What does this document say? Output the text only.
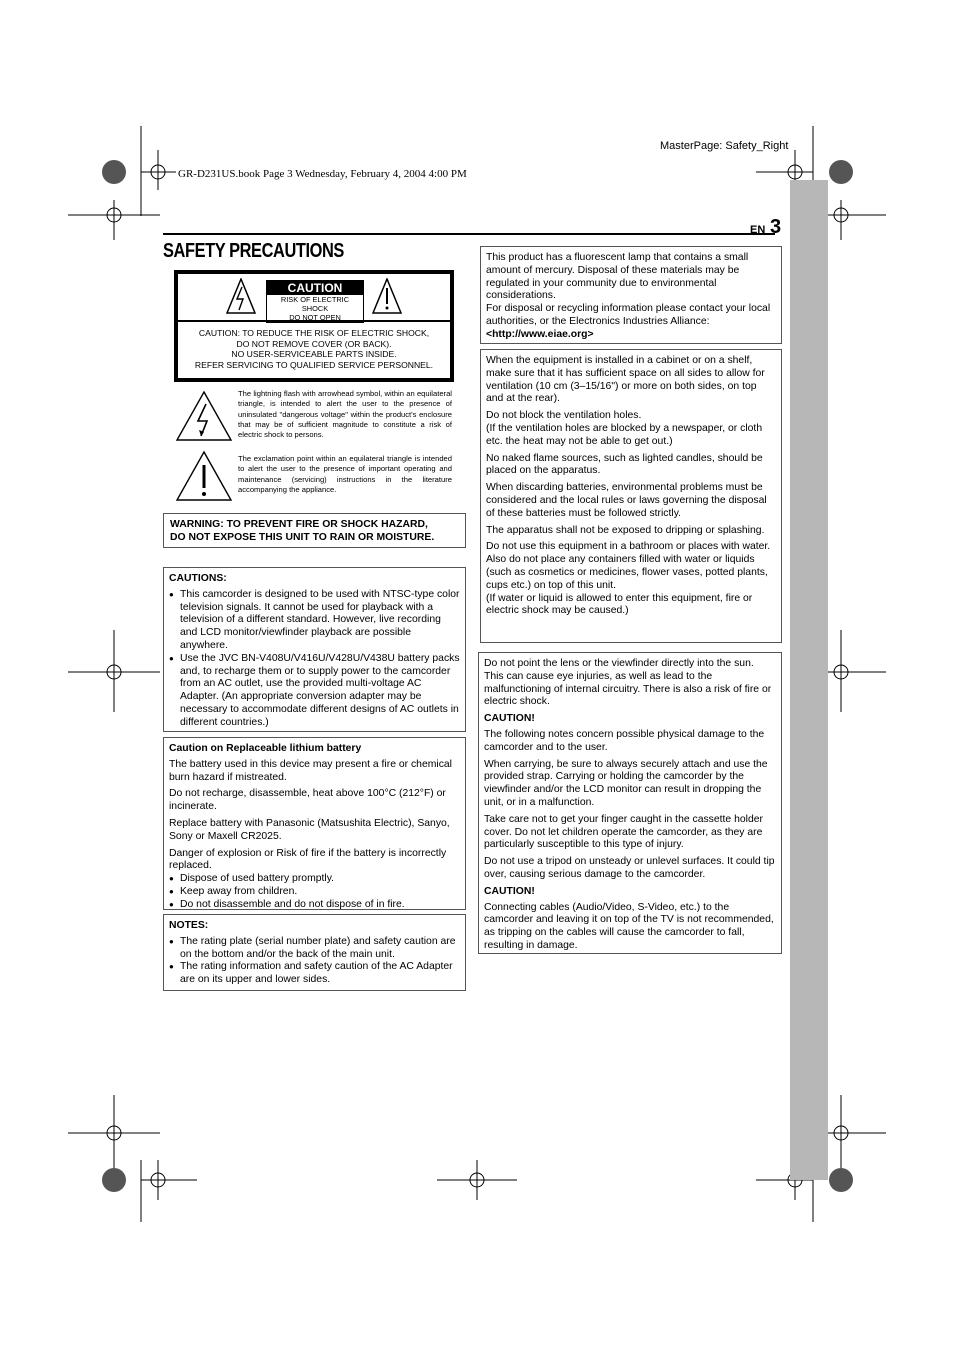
MasterPage: Safety_Right
GR-D231US.book Page 3 Wednesday, February 4, 2004 4:00 PM
EN 3
SAFETY PRECAUTIONS
CAUTION
RISK OF ELECTRIC SHOCK
DO NOT OPEN
CAUTION: TO REDUCE THE RISK OF ELECTRIC SHOCK,
DO NOT REMOVE COVER (OR BACK).
NO USER-SERVICEABLE PARTS INSIDE.
REFER SERVICING TO QUALIFIED SERVICE PERSONNEL.
The lightning flash with arrowhead symbol, within an equilateral triangle, is intended to alert the user to the presence of uninsulated "dangerous voltage" within the product's enclosure that may be of sufficient magnitude to constitute a risk of electric shock to persons.
The exclamation point within an equilateral triangle is intended to alert the user to the presence of important operating and maintenance (servicing) instructions in the literature accompanying the appliance.
WARNING: TO PREVENT FIRE OR SHOCK HAZARD,
DO NOT EXPOSE THIS UNIT TO RAIN OR MOISTURE.

CAUTIONS:

● This camcorder is designed to be used with NTSC-type color television signals. It cannot be used for playback with a television of a different standard. However, live recording and LCD monitor/viewfinder playback are possible anywhere.
● Use the JVC BN-V408U/V416U/V428U/V438U battery packs and, to recharge them or to supply power to the camcorder from an AC outlet, use the provided multi-voltage AC Adapter. (An appropriate conversion adapter may be necessary to accommodate different designs of AC outlets in different countries.)

Caution on Replaceable lithium battery

The battery used in this device may present a fire or chemical burn hazard if mistreated.

Do not recharge, disassemble, heat above 100°C (212°F) or incinerate.

Replace battery with Panasonic (Matsushita Electric), Sanyo, Sony or Maxell CR2025.

Danger of explosion or Risk of fire if the battery is incorrectly replaced.

● Dispose of used battery promptly.
● Keep away from children.
● Do not disassemble and do not dispose of in fire.

NOTES:

● The rating plate (serial number plate) and safety caution are on the bottom and/or the back of the main unit.
● The rating information and safety caution of the AC Adapter are on its upper and lower sides.

This product has a fluorescent lamp that contains a small amount of mercury. Disposal of these materials may be regulated in your community due to environmental considerations.

For disposal or recycling information please contact your local authorities, or the Electronics Industries Alliance:

<http://www.eiae.org>

When the equipment is installed in a cabinet or on a shelf, make sure that it has sufficient space on all sides to allow for ventilation (10 cm (3–15/16") or more on both sides, on top and at the rear).

Do not block the ventilation holes.

(If the ventilation holes are blocked by a newspaper, or cloth etc. the heat may not be able to get out.)

No naked flame sources, such as lighted candles, should be placed on the apparatus.

When discarding batteries, environmental problems must be considered and the local rules or laws governing the disposal of these batteries must be followed strictly.

The apparatus shall not be exposed to dripping or splashing.

Do not use this equipment in a bathroom or places with water.

Also do not place any containers filled with water or liquids (such as cosmetics or medicines, flower vases, potted plants, cups etc.) on top of this unit.

(If water or liquid is allowed to enter this equipment, fire or electric shock may be caused.)

Do not point the lens or the viewfinder directly into the sun. This can cause eye injuries, as well as lead to the malfunctioning of internal circuitry. There is also a risk of fire or electric shock.

CAUTION!

The following notes concern possible physical damage to the camcorder and to the user.

When carrying, be sure to always securely attach and use the provided strap. Carrying or holding the camcorder by the viewfinder and/or the LCD monitor can result in dropping the unit, or in a malfunction.

Take care not to get your finger caught in the cassette holder cover. Do not let children operate the camcorder, as they are particularly susceptible to this type of injury.

Do not use a tripod on unsteady or unlevel surfaces. It could tip over, causing serious damage to the camcorder.

CAUTION!

Connecting cables (Audio/Video, S-Video, etc.) to the camcorder and leaving it on top of the TV is not recommended, as tripping on the cables will cause the camcorder to fall, resulting in damage.
